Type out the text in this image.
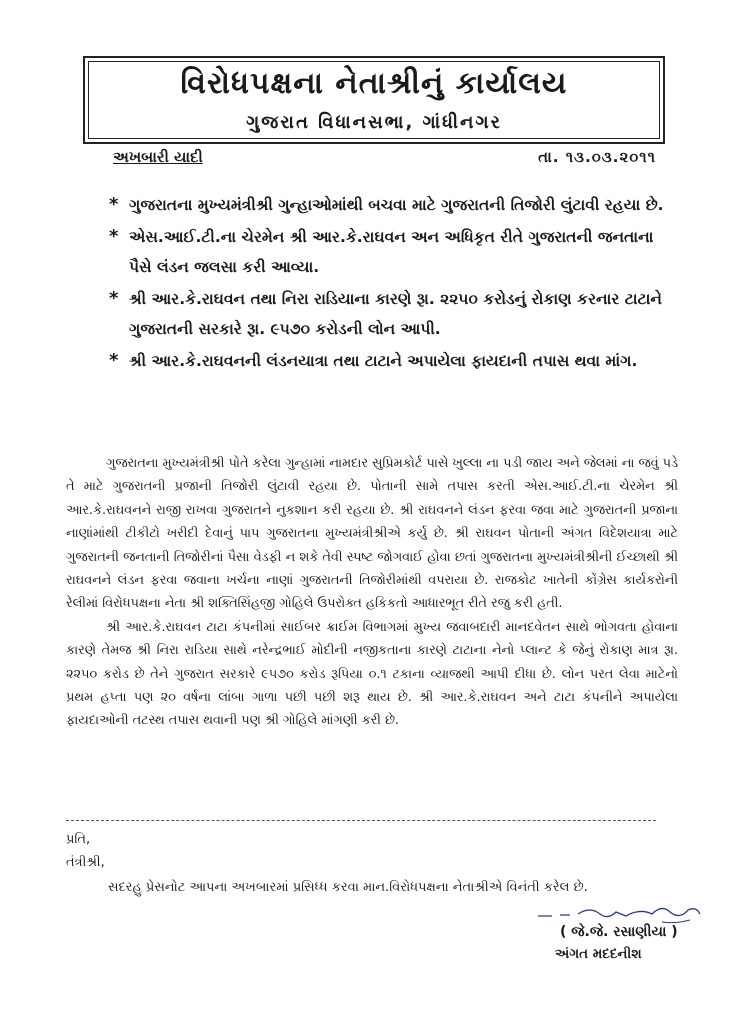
વિરોધપક્ષના નેતાશ્રીનું કાર્યાલય
ગુજરાત વિધાનસભા, ગાંધીનગર
અખબારી યાદી	તા. ૧૩.૦૩.૨૦૧૧
* ગુજરાતના મુખ્યમંત્રીશ્રી ગુન્હાઓમાંથી બચવા માટે ગુજરાતની તિજોરી લુંટાવી રહયા છે.
* એસ.આઈ.ટી.ના ચેરમેન શ્રી આર.કે.રાઘવન અન અધિકૃત રીતે ગુજરાતની જનતાના પૈસે લંડન જલસા કરી આવ્યા.
* શ્રી આર.કે.રાઘવન તથા નિરા રાડિયાના કારણે રૂા. ૨૨૫૦ કરોડનું રોકાણ કરનાર ટાટાને ગુજરાતની સરકારે રૂા. ૯૫૭૦ કરોડની લોન આપી.
* શ્રી આર.કે.રાઘવનની લંડનયાત્રા તથા ટાટાને અપાયેલા ફાયદાની તપાસ થવા માંગ.

ગુજરાતના મુખ્યમંત્રીશ્રી પોતે કરેલા ગુન્હામાં નામદાર સુપ્રિમકોર્ટ પાસે ખુલ્લા ના પડી જાય અને જેલમાં ના જવું પડે તે માટે ગુજરાતની પ્રજાની તિજોરી લુંટાવી રહયા છે. પોતાની સામે તપાસ કરતી એસ.આઈ.ટી.ના ચેરમેન શ્રી આર.કે.રાઘવનને રાજી રાખવા ગુજરાતને નુકશાન કરી રહયા છે. શ્રી રાઘવનને લંડન ફરવા જવા માટે ગુજરાતની પ્રજાના નાણાંમાંથી ટીકીટો ખરીદી દેવાનું પાપ ગુજરાતના મુખ્યમંત્રીશ્રીએ કર્યુ છે. શ્રી રાઘવન પોતાની અંગત વિદેશયાત્રા માટે ગુજરાતની જનતાની તિજોરીનાં પૈસા વેડફી ન શકે તેવી સ્પષ્ટ જોગવાઈ હોવા છતાં ગુજરાતના મુખ્યમંત્રીશ્રીની ઈચ્છાથી શ્રી રાઘવનને લંડન ફરવા જવાના ખર્ચના નાણાં ગુજરાતની તિજોરીમાંથી વપરાયા છે. રાજકોટ ખાતેની કોંગ્રેસ કાર્યકરોની રેલીમાં વિરોધપક્ષના નેતા શ્રી શક્તિસિંહજી ગોહિલે ઉપરોક્ત હકિકતો આધારભૂત રીતે રજુ કરી હતી.

શ્રી આર.કે.રાઘવન ટાટા કંપનીમાં સાઈબર ક્રાઈમ વિભાગમાં મુખ્ય જવાબદારી માનદવેતન સાથે ભોગવતા હોવાના કારણે તેમજ શ્રી નિરા રાડિયા સાથે નરેન્દ્રભાઈ મોદીની નજીકતાના કારણે ટાટાના નેનો પ્લાન્ટ કે જેનું રોકાણ માત્ર રૂા. ૨૨૫૦ કરોડ છે તેને ગુજરાત સરકારે ૯૫૭૦ કરોડ રૂપિયા ૦.૧ ટકાના વ્યાજથી આપી દીધા છે. લોન પરત લેવા માટેનો પ્રથમ હપ્તા પણ ૨૦ વર્ષના લાંબા ગાળા પછી પછી શરૂ થાય છે. શ્રી આર.કે.રાઘવન અને ટાટા કંપનીને અપાયેલા ફાયદાઓની તટસ્થ તપાસ થવાની પણ શ્રી ગોહિલે માંગણી કરી છે.

પ્રતિ,
તંત્રીશ્રી,
સદરહુ પ્રેસનોટ આપના અખબારમાં પ્રસિધ્ધ કરવા માન.વિરોધપક્ષના નેતાશ્રીએ વિનંતી કરેલ છે.
( જે.જે. રસાણીયા )
અંગત મદદનીશ
